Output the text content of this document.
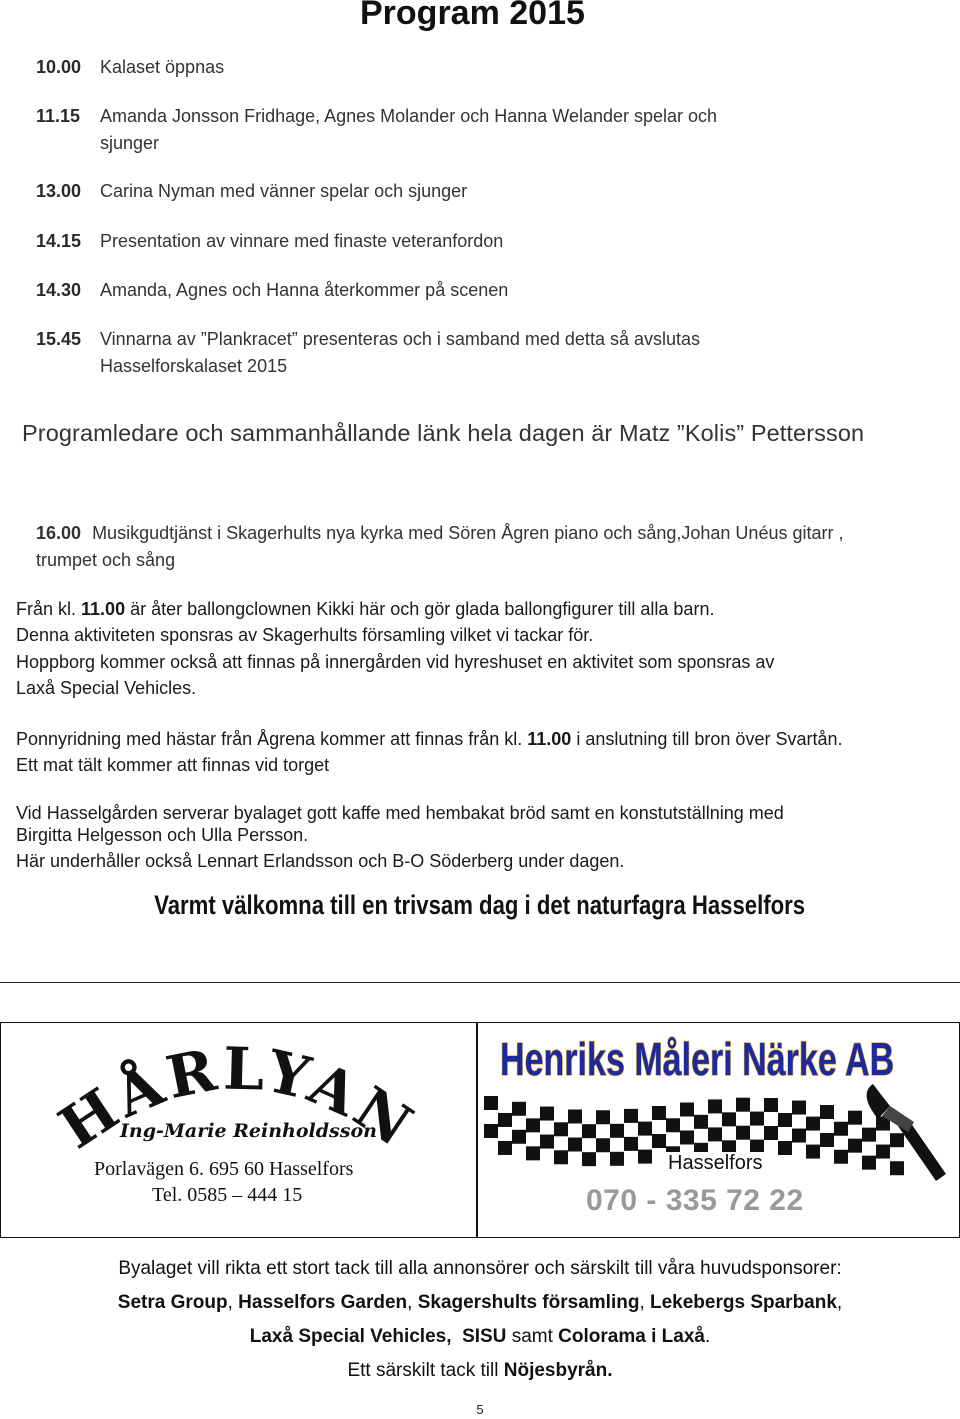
Program 2015
10.00 Kalaset öppnas
11.15 Amanda Jonsson Fridhage, Agnes Molander och Hanna Welander spelar och
sjunger
13.00 Carina Nyman med vänner spelar och sjunger
14.15 Presentation av vinnare med finaste veteranfordon
14.30 Amanda, Agnes och Hanna återkommer på scenen
15.45 Vinnarna av ”Plankracet” presenteras och i samband med detta så avslutas
Hasselforskalaset 2015
Programledare och sammanhållande länk hela dagen är Matz ”Kolis” Pettersson
16.00 Musikgudtjänst i Skagerhults nya kyrka med Sören Ågren piano och sång,Johan Unéus gitarr ,
trumpet och sång
Från kl. 11.00 är åter ballongclownen Kikki här och gör glada ballongfigurer till alla barn.
Denna aktiviteten sponsras av Skagerhults församling vilket vi tackar för.
Hoppborg kommer också att finnas på innergården vid hyreshuset en aktivitet som sponsras av
Laxå Special Vehicles.
Ponnyridning med hästar från Ågrena kommer att finnas från kl. 11.00 i anslutning till bron över Svartån.
Ett mat tält kommer att finnas vid torget
Vid Hasselgården serverar byalaget gott kaffe med hembakat bröd samt en konstutställning med
Birgitta Helgesson och Ulla Persson.
Här underhåller också Lennart Erlandsson och B-O Söderberg under dagen.
Varmt välkomna till en trivsam dag i det naturfagra Hasselfors
HÅRLYAN
Ing-Marie Reinholdsson
Porlavägen 6. 695 60 Hasselfors
Tel. 0585 – 444 15
Henriks Måleri Närke AB
Hasselfors
070 - 335 72 22
Byalaget vill rikta ett stort tack till alla annonsörer och särskilt till våra huvudsponsorer:
Setra Group, Hasselfors Garden, Skagershults församling, Lekebergs Sparbank,
Laxå Special Vehicles, SISU samt Colorama i Laxå.
Ett särskilt tack till Nöjesbyrån.
5
